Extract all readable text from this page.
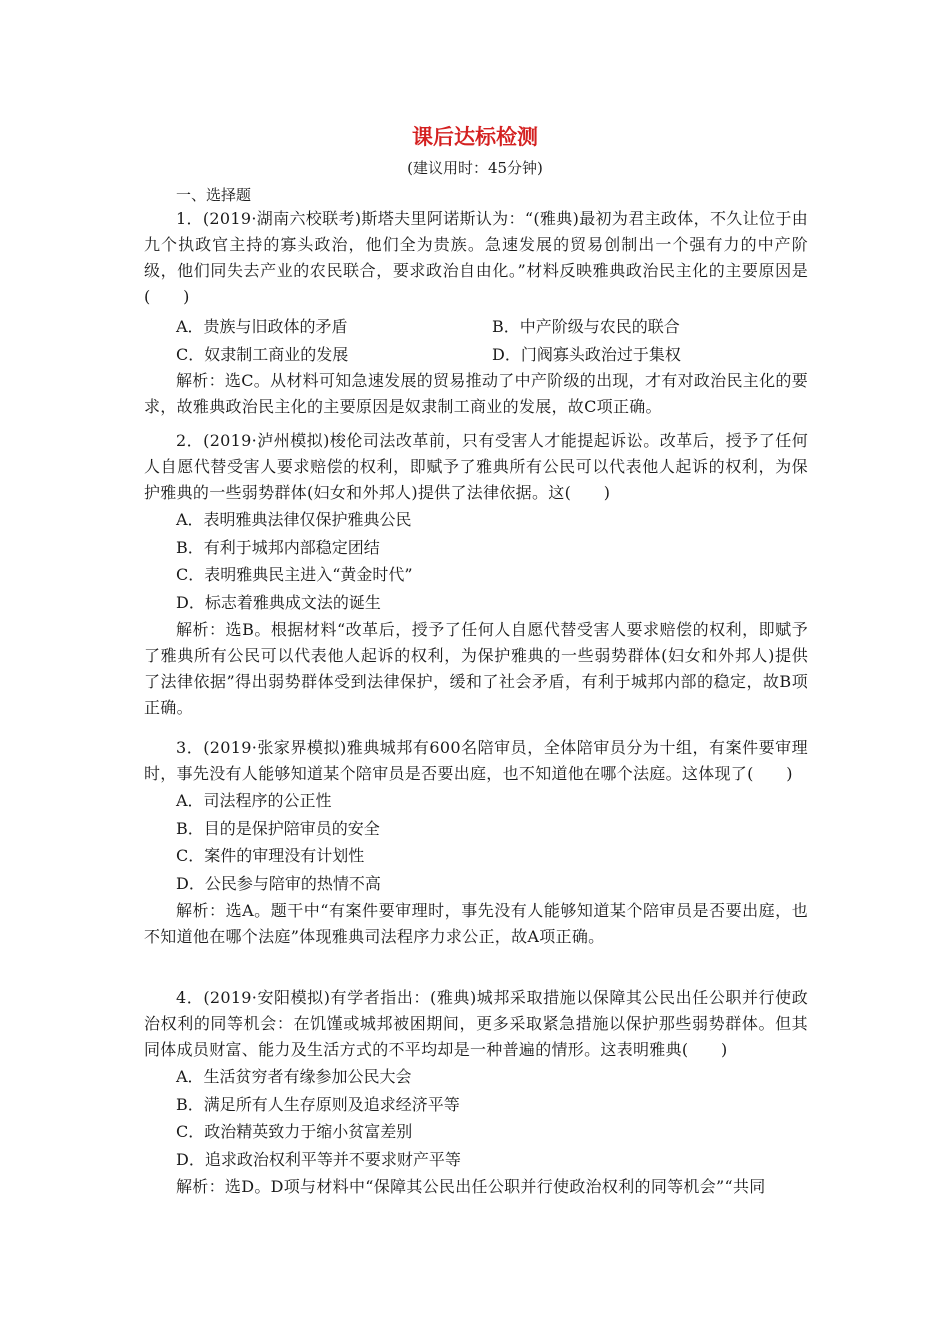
课后达标检测
(建议用时：45分钟)
一、选择题

1．(2019·湖南六校联考)斯塔夫里阿诺斯认为：“(雅典)最初为君主政体，不久让位于由九个执政官主持的寡头政治，他们全为贵族。急速发展的贸易创制出一个强有力的中产阶级，他们同失去产业的农民联合，要求政治自由化。”材料反映雅典政治民主化的主要原因是(　　)

A．贵族与旧政体的矛盾	B．中产阶级与农民的联合
C．奴隶制工商业的发展	D．门阀寡头政治过于集权

解析：选C。从材料可知急速发展的贸易推动了中产阶级的出现，才有对政治民主化的要求，故雅典政治民主化的主要原因是奴隶制工商业的发展，故C项正确。

2．(2019·泸州模拟)梭伦司法改革前，只有受害人才能提起诉讼。改革后，授予了任何人自愿代替受害人要求赔偿的权利，即赋予了雅典所有公民可以代表他人起诉的权利，为保护雅典的一些弱势群体(妇女和外邦人)提供了法律依据。这(　　)

A．表明雅典法律仅保护雅典公民

B．有利于城邦内部稳定团结

C．表明雅典民主进入“黄金时代”

D．标志着雅典成文法的诞生

解析：选B。根据材料“改革后，授予了任何人自愿代替受害人要求赔偿的权利，即赋予了雅典所有公民可以代表他人起诉的权利，为保护雅典的一些弱势群体(妇女和外邦人)提供了法律依据”得出弱势群体受到法律保护，缓和了社会矛盾，有利于城邦内部的稳定，故B项正确。

3．(2019·张家界模拟)雅典城邦有600名陪审员，全体陪审员分为十组，有案件要审理时，事先没有人能够知道某个陪审员是否要出庭，也不知道他在哪个法庭。这体现了(　　)

A．司法程序的公正性

B．目的是保护陪审员的安全

C．案件的审理没有计划性

D．公民参与陪审的热情不高

解析：选A。题干中“有案件要审理时，事先没有人能够知道某个陪审员是否要出庭，也不知道他在哪个法庭”体现雅典司法程序力求公正，故A项正确。

4．(2019·安阳模拟)有学者指出：(雅典)城邦采取措施以保障其公民出任公职并行使政治权利的同等机会：在饥馑或城邦被困期间，更多采取紧急措施以保护那些弱势群体。但其同体成员财富、能力及生活方式的不平均却是一种普遍的情形。这表明雅典(　　)

A．生活贫穷者有缘参加公民大会

B．满足所有人生存原则及追求经济平等

C．政治精英致力于缩小贫富差别

D．追求政治权利平等并不要求财产平等

解析：选D。D项与材料中“保障其公民出任公职并行使政治权利的同等机会”“共同
